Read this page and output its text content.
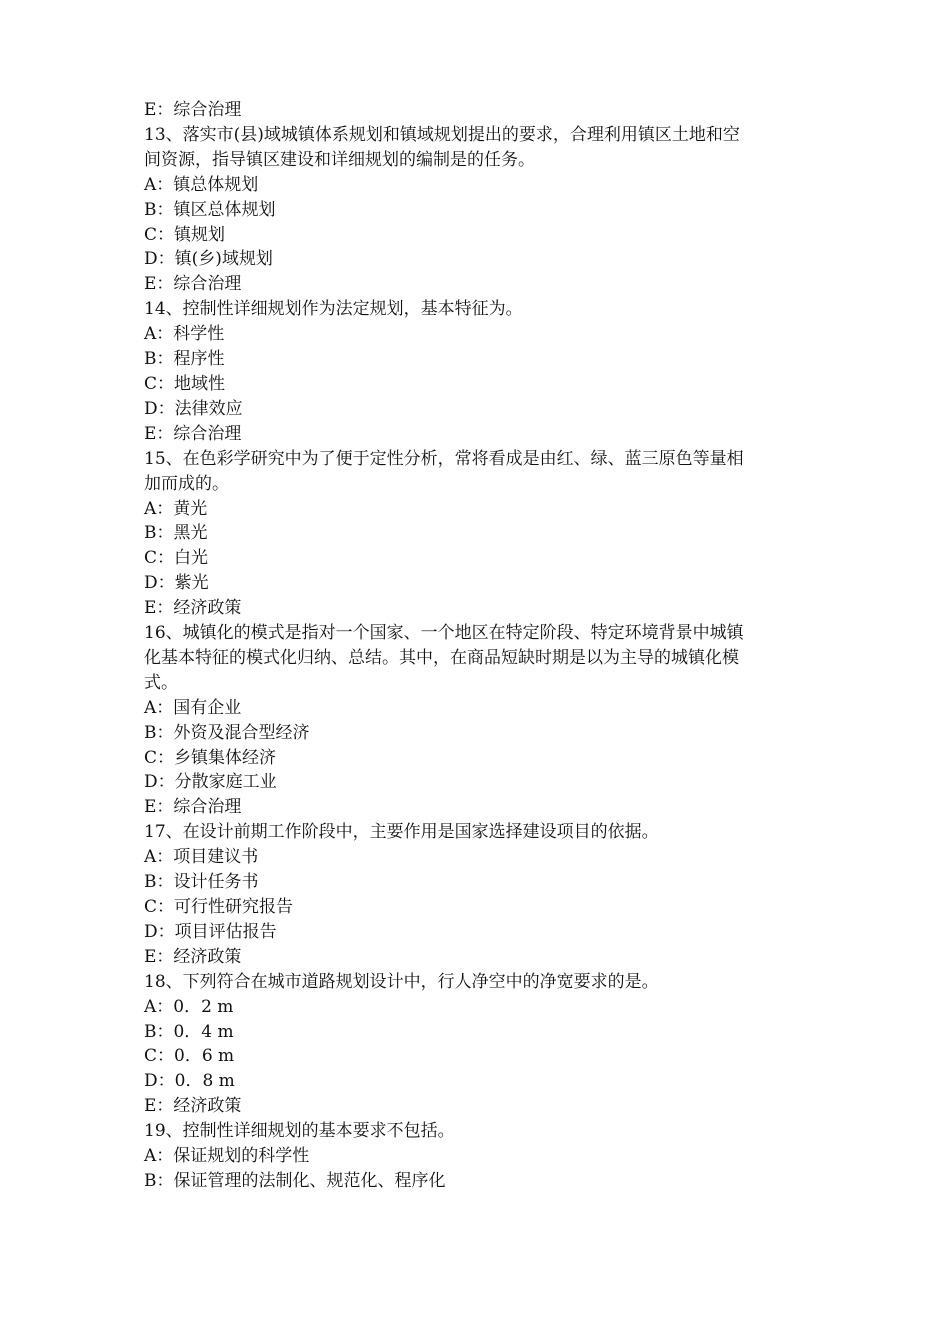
E：综合治理

13、落实市(县)域城镇体系规划和镇域规划提出的要求，合理利用镇区土地和空

间资源，指导镇区建设和详细规划的编制是的任务。

A：镇总体规划

B：镇区总体规划

C：镇规划

D：镇(乡)域规划

E：综合治理

14、控制性详细规划作为法定规划，基本特征为。

A：科学性

B：程序性

C：地域性

D：法律效应

E：综合治理

15、在色彩学研究中为了便于定性分析，常将看成是由红、绿、蓝三原色等量相

加而成的。

A：黄光

B：黑光

C：白光

D：紫光

E：经济政策

16、城镇化的模式是指对一个国家、一个地区在特定阶段、特定环境背景中城镇

化基本特征的模式化归纳、总结。其中，在商品短缺时期是以为主导的城镇化模

式。

A：国有企业

B：外资及混合型经济

C：乡镇集体经济

D：分散家庭工业

E：综合治理

17、在设计前期工作阶段中，主要作用是国家选择建设项目的依据。

A：项目建议书

B：设计任务书

C：可行性研究报告

D：项目评估报告

E：经济政策

18、下列符合在城市道路规划设计中，行人净空中的净宽要求的是。

A：0．2 m

B：0．4 m

C：0．6 m

D：0．8 m

E：经济政策

19、控制性详细规划的基本要求不包括。

A：保证规划的科学性

B：保证管理的法制化、规范化、程序化
